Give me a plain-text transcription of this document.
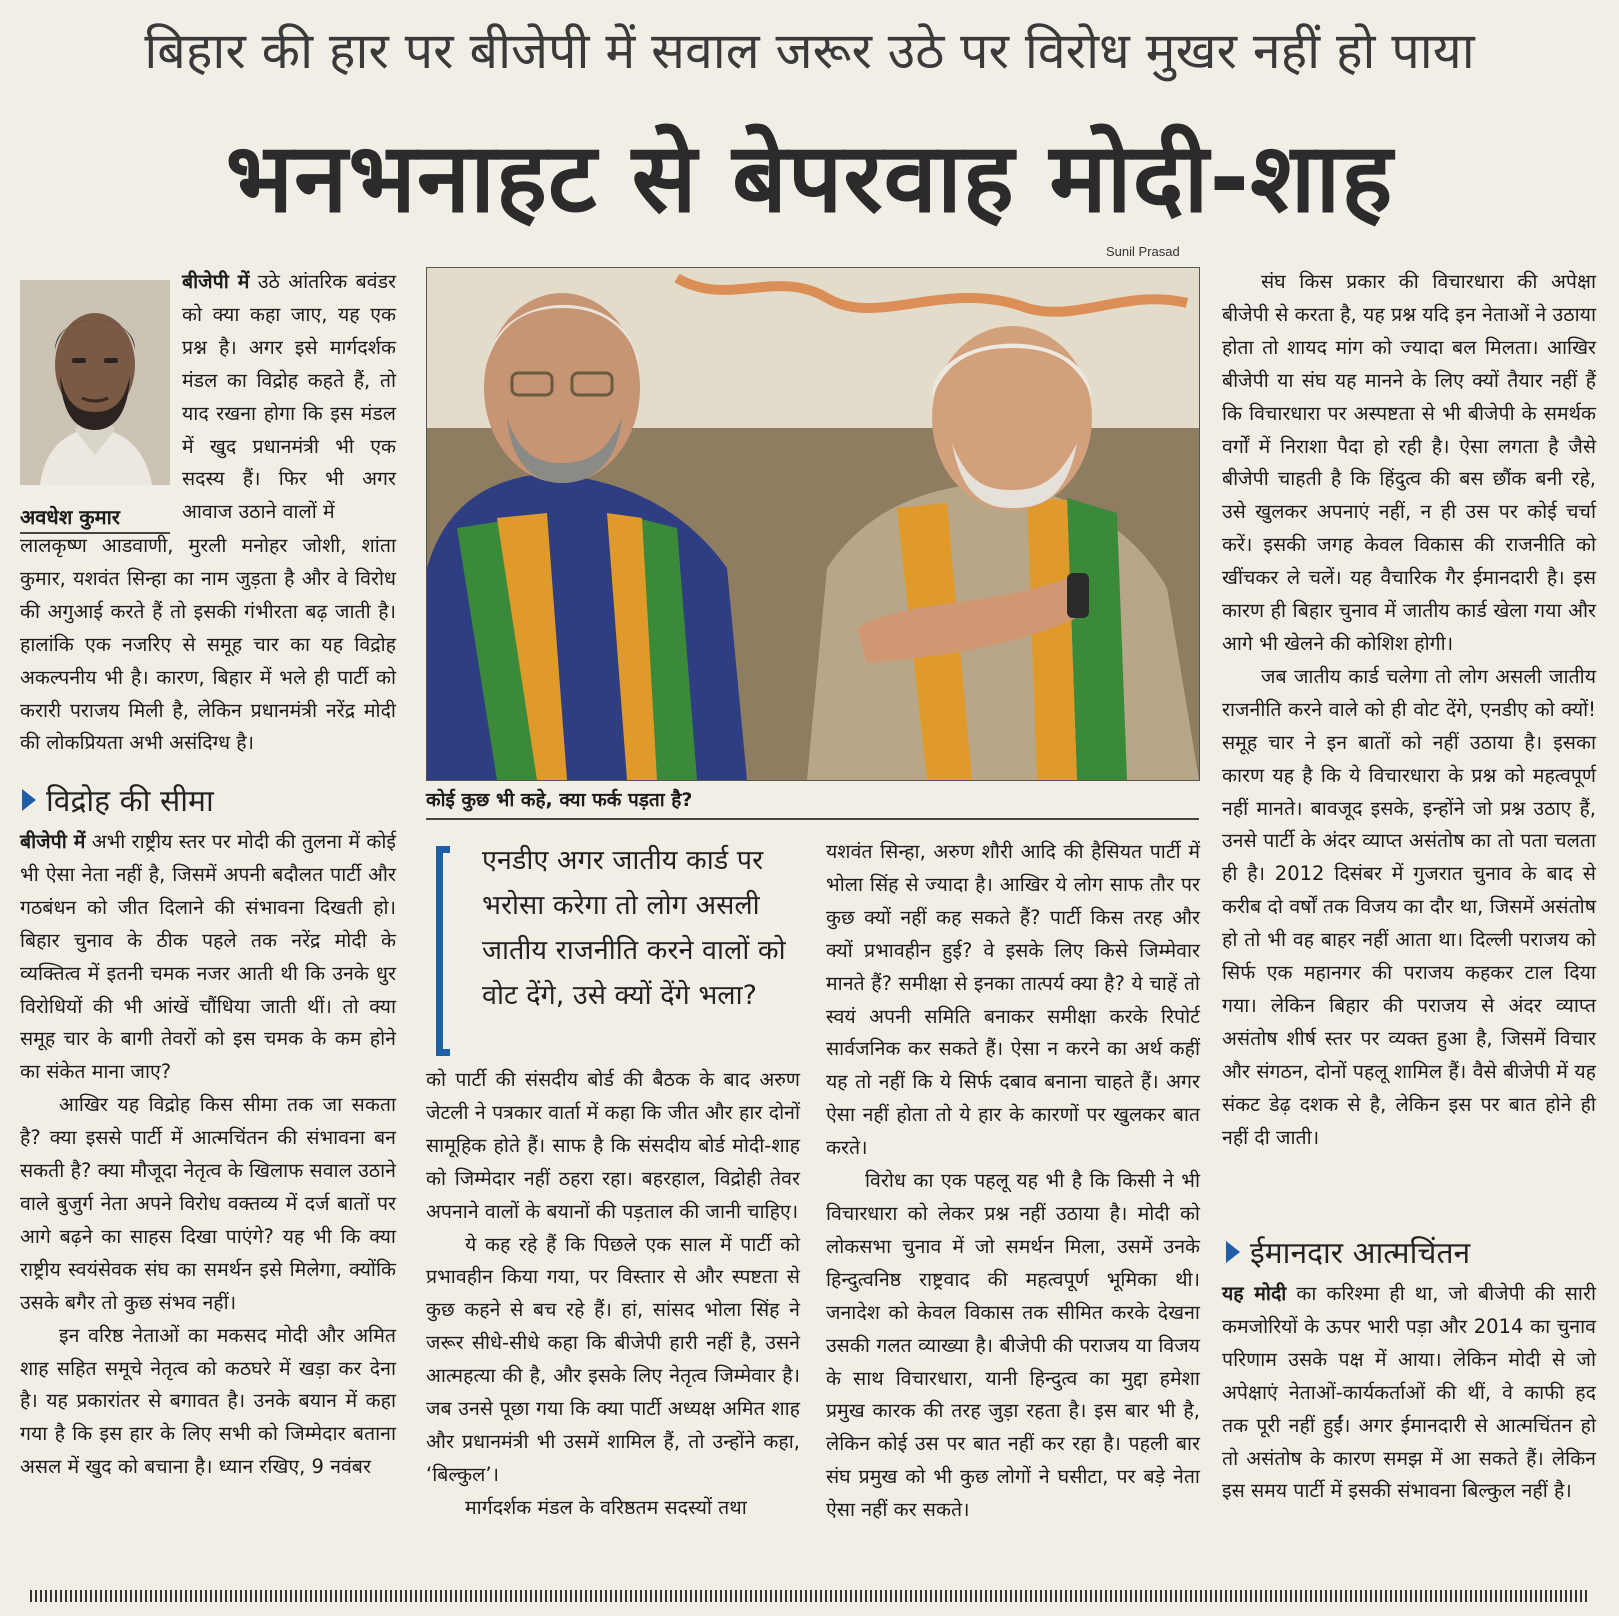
बिहार की हार पर बीजेपी में सवाल जरूर उठे पर विरोध मुखर नहीं हो पाया
भनभनाहट से बेपरवाह मोदी-शाह
Sunil Prasad
अवधेश कुमार

बीजेपी में उठे आंतरिक बवंडर को क्या कहा जाए, यह एक प्रश्न है। अगर इसे मार्गदर्शक मंडल का विद्रोह कहते हैं, तो याद रखना होगा कि इस मंडल में खुद प्रधानमंत्री भी एक सदस्य हैं। फिर भी अगर आवाज उठाने वालों में

लालकृष्ण आडवाणी, मुरली मनोहर जोशी, शांता कुमार, यशवंत सिन्हा का नाम जुड़ता है और वे विरोध की अगुआई करते हैं तो इसकी गंभीरता बढ़ जाती है। हालांकि एक नजरिए से समूह चार का यह विद्रोह अकल्पनीय भी है। कारण, बिहार में भले ही पार्टी को करारी पराजय मिली है, लेकिन प्रधानमंत्री नरेंद्र मोदी की लोकप्रियता अभी असंदिग्ध है।

विद्रोह की सीमा

बीजेपी में अभी राष्ट्रीय स्तर पर मोदी की तुलना में कोई भी ऐसा नेता नहीं है, जिसमें अपनी बदौलत पार्टी और गठबंधन को जीत दिलाने की संभावना दिखती हो। बिहार चुनाव के ठीक पहले तक नरेंद्र मोदी के व्यक्तित्व में इतनी चमक नजर आती थी कि उनके धुर विरोधियों की भी आंखें चौंधिया जाती थीं। तो क्या समूह चार के बागी तेवरों को इस चमक के कम होने का संकेत माना जाए?

आखिर यह विद्रोह किस सीमा तक जा सकता है? क्या इससे पार्टी में आत्मचिंतन की संभावना बन सकती है? क्या मौजूदा नेतृत्व के खिलाफ सवाल उठाने वाले बुजुर्ग नेता अपने विरोध वक्तव्य में दर्ज बातों पर आगे बढ़ने का साहस दिखा पाएंगे? यह भी कि क्या राष्ट्रीय स्वयंसेवक संघ का समर्थन इसे मिलेगा, क्योंकि उसके बगैर तो कुछ संभव नहीं।

इन वरिष्ठ नेताओं का मकसद मोदी और अमित शाह सहित समूचे नेतृत्व को कठघरे में खड़ा कर देना है। यह प्रकारांतर से बगावत है। उनके बयान में कहा गया है कि इस हार के लिए सभी को जिम्मेदार बताना असल में खुद को बचाना है। ध्यान रखिए, 9 नवंबर

कोई कुछ भी कहे, क्या फर्क पड़ता है?
एनडीए अगर जातीय कार्ड पर भरोसा करेगा तो लोग असली जातीय राजनीति करने वालों को वोट देंगे, उसे क्यों देंगे भला?

को पार्टी की संसदीय बोर्ड की बैठक के बाद अरुण जेटली ने पत्रकार वार्ता में कहा कि जीत और हार दोनों सामूहिक होते हैं। साफ है कि संसदीय बोर्ड मोदी-शाह को जिम्मेदार नहीं ठहरा रहा। बहरहाल, विद्रोही तेवर अपनाने वालों के बयानों की पड़ताल की जानी चाहिए।

ये कह रहे हैं कि पिछले एक साल में पार्टी को प्रभावहीन किया गया, पर विस्तार से और स्पष्टता से कुछ कहने से बच रहे हैं। हां, सांसद भोला सिंह ने जरूर सीधे-सीधे कहा कि बीजेपी हारी नहीं है, उसने आत्महत्या की है, और इसके लिए नेतृत्व जिम्मेवार है। जब उनसे पूछा गया कि क्या पार्टी अध्यक्ष अमित शाह और प्रधानमंत्री भी उसमें शामिल हैं, तो उन्होंने कहा, ‘बिल्कुल’।

मार्गदर्शक मंडल के वरिष्ठतम सदस्यों तथा

यशवंत सिन्हा, अरुण शौरी आदि की हैसियत पार्टी में भोला सिंह से ज्यादा है। आखिर ये लोग साफ तौर पर कुछ क्यों नहीं कह सकते हैं? पार्टी किस तरह और क्यों प्रभावहीन हुई? वे इसके लिए किसे जिम्मेवार मानते हैं? समीक्षा से इनका तात्पर्य क्या है? ये चाहें तो स्वयं अपनी समिति बनाकर समीक्षा करके रिपोर्ट सार्वजनिक कर सकते हैं। ऐसा न करने का अर्थ कहीं यह तो नहीं कि ये सिर्फ दबाव बनाना चाहते हैं। अगर ऐसा नहीं होता तो ये हार के कारणों पर खुलकर बात करते।

विरोध का एक पहलू यह भी है कि किसी ने भी विचारधारा को लेकर प्रश्न नहीं उठाया है। मोदी को लोकसभा चुनाव में जो समर्थन मिला, उसमें उनके हिन्दुत्वनिष्ठ राष्ट्रवाद की महत्वपूर्ण भूमिका थी। जनादेश को केवल विकास तक सीमित करके देखना उसकी गलत व्याख्या है। बीजेपी की पराजय या विजय के साथ विचारधारा, यानी हिन्दुत्व का मुद्दा हमेशा प्रमुख कारक की तरह जुड़ा रहता है। इस बार भी है, लेकिन कोई उस पर बात नहीं कर रहा है। पहली बार संघ प्रमुख को भी कुछ लोगों ने घसीटा, पर बड़े नेता ऐसा नहीं कर सकते।

संघ किस प्रकार की विचारधारा की अपेक्षा बीजेपी से करता है, यह प्रश्न यदि इन नेताओं ने उठाया होता तो शायद मांग को ज्यादा बल मिलता। आखिर बीजेपी या संघ यह मानने के लिए क्यों तैयार नहीं हैं कि विचारधारा पर अस्पष्टता से भी बीजेपी के समर्थक वर्गों में निराशा पैदा हो रही है। ऐसा लगता है जैसे बीजेपी चाहती है कि हिंदुत्व की बस छौंक बनी रहे, उसे खुलकर अपनाएं नहीं, न ही उस पर कोई चर्चा करें। इसकी जगह केवल विकास की राजनीति को खींचकर ले चलें। यह वैचारिक गैर ईमानदारी है। इस कारण ही बिहार चुनाव में जातीय कार्ड खेला गया और आगे भी खेलने की कोशिश होगी।

जब जातीय कार्ड चलेगा तो लोग असली जातीय राजनीति करने वाले को ही वोट देंगे, एनडीए को क्यों! समूह चार ने इन बातों को नहीं उठाया है। इसका कारण यह है कि ये विचारधारा के प्रश्न को महत्वपूर्ण नहीं मानते। बावजूद इसके, इन्होंने जो प्रश्न उठाए हैं, उनसे पार्टी के अंदर व्याप्त असंतोष का तो पता चलता ही है। 2012 दिसंबर में गुजरात चुनाव के बाद से करीब दो वर्षों तक विजय का दौर था, जिसमें असंतोष हो तो भी वह बाहर नहीं आता था। दिल्ली पराजय को सिर्फ एक महानगर की पराजय कहकर टाल दिया गया। लेकिन बिहार की पराजय से अंदर व्याप्त असंतोष शीर्ष स्तर पर व्यक्त हुआ है, जिसमें विचार और संगठन, दोनों पहलू शामिल हैं। वैसे बीजेपी में यह संकट डेढ़ दशक से है, लेकिन इस पर बात होने ही नहीं दी जाती।

ईमानदार आत्मचिंतन

यह मोदी का करिश्मा ही था, जो बीजेपी की सारी कमजोरियों के ऊपर भारी पड़ा और 2014 का चुनाव परिणाम उसके पक्ष में आया। लेकिन मोदी से जो अपेक्षाएं नेताओं-कार्यकर्ताओं की थीं, वे काफी हद तक पूरी नहीं हुईं। अगर ईमानदारी से आत्मचिंतन हो तो असंतोष के कारण समझ में आ सकते हैं। लेकिन इस समय पार्टी में इसकी संभावना बिल्कुल नहीं है।
